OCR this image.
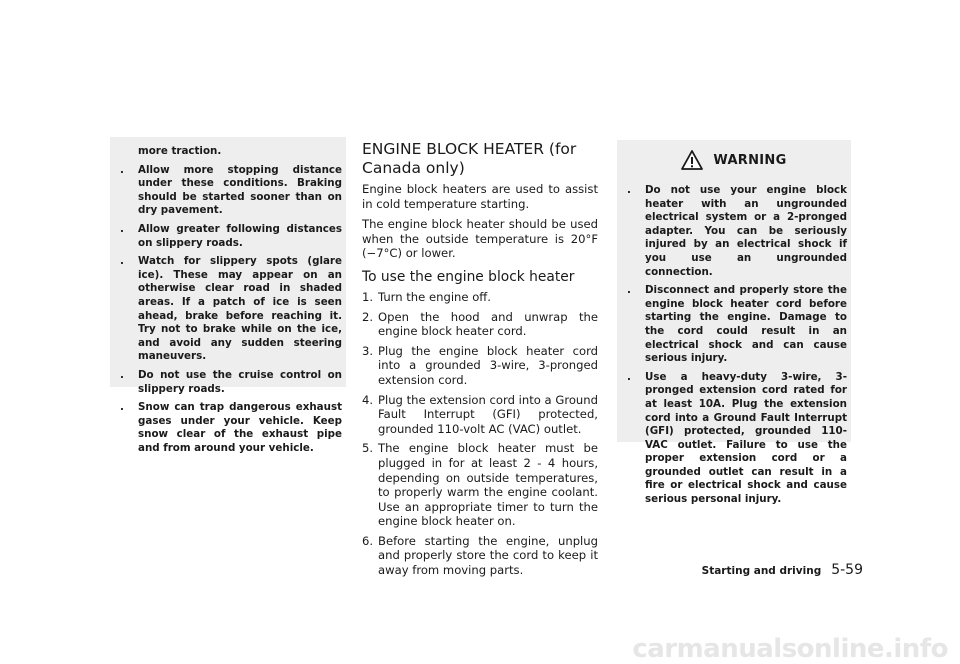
more traction.

. Allow more stopping distance under these conditions. Braking should be started sooner than on dry pavement.
. Allow greater following distances on slippery roads.
. Watch for slippery spots (glare ice). These may appear on an otherwise clear road in shaded areas. If a patch of ice is seen ahead, brake before reaching it. Try not to brake while on the ice, and avoid any sudden steering maneuvers.
. Do not use the cruise control on slippery roads.
. Snow can trap dangerous exhaust gases under your vehicle. Keep snow clear of the exhaust pipe and from around your vehicle.
ENGINE BLOCK HEATER (for Canada only)

Engine block heaters are used to assist in cold temperature starting.

The engine block heater should be used when the outside temperature is 20°F (−7°C) or lower.

To use the engine block heater
1. Turn the engine off.
2. Open the hood and unwrap the engine block heater cord.
3. Plug the engine block heater cord into a grounded 3-wire, 3-pronged extension cord.
4. Plug the extension cord into a Ground Fault Interrupt (GFI) protected, grounded 110-volt AC (VAC) outlet.
5. The engine block heater must be plugged in for at least 2 - 4 hours, depending on outside temperatures, to properly warm the engine coolant. Use an appropriate timer to turn the engine block heater on.
6. Before starting the engine, unplug and properly store the cord to keep it away from moving parts.
WARNING
. Do not use your engine block heater with an ungrounded electrical system or a 2-pronged adapter. You can be seriously injured by an electrical shock if you use an ungrounded connection.
. Disconnect and properly store the engine block heater cord before starting the engine. Damage to the cord could result in an electrical shock and can cause serious injury.
. Use a heavy-duty 3-wire, 3-pronged extension cord rated for at least 10A. Plug the extension cord into a Ground Fault Interrupt (GFI) protected, grounded 110-VAC outlet. Failure to use the proper extension cord or a grounded outlet can result in a fire or electrical shock and cause serious personal injury.
Starting and driving 5-59
carmanualsonline.info
